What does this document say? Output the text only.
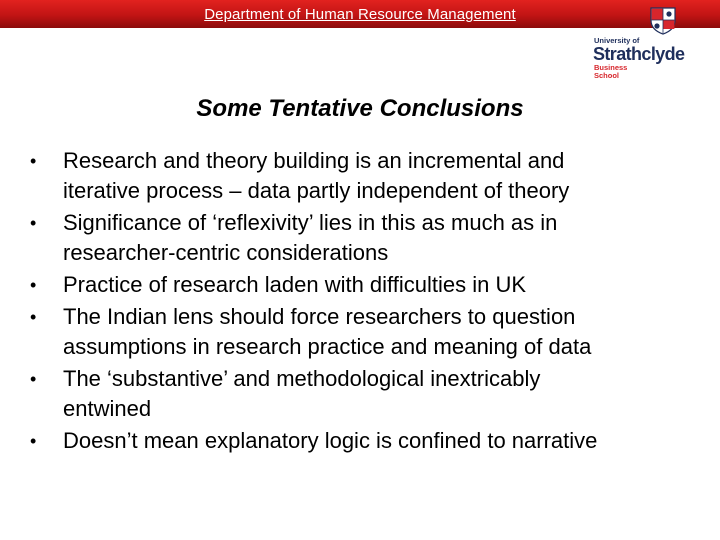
Department of Human Resource Management
University of
Strathclyde
Business
School
Some Tentative Conclusions
• Research and theory building is an incremental and
iterative process – data partly independent of theory
• Significance of ‘reflexivity’ lies in this as much as in
researcher-centric considerations
• Practice of research laden with difficulties in UK
• The Indian lens should force researchers to question
assumptions in research practice and meaning of data
• The ‘substantive’ and methodological inextricably
entwined
• Doesn’t mean explanatory logic is confined to narrative
